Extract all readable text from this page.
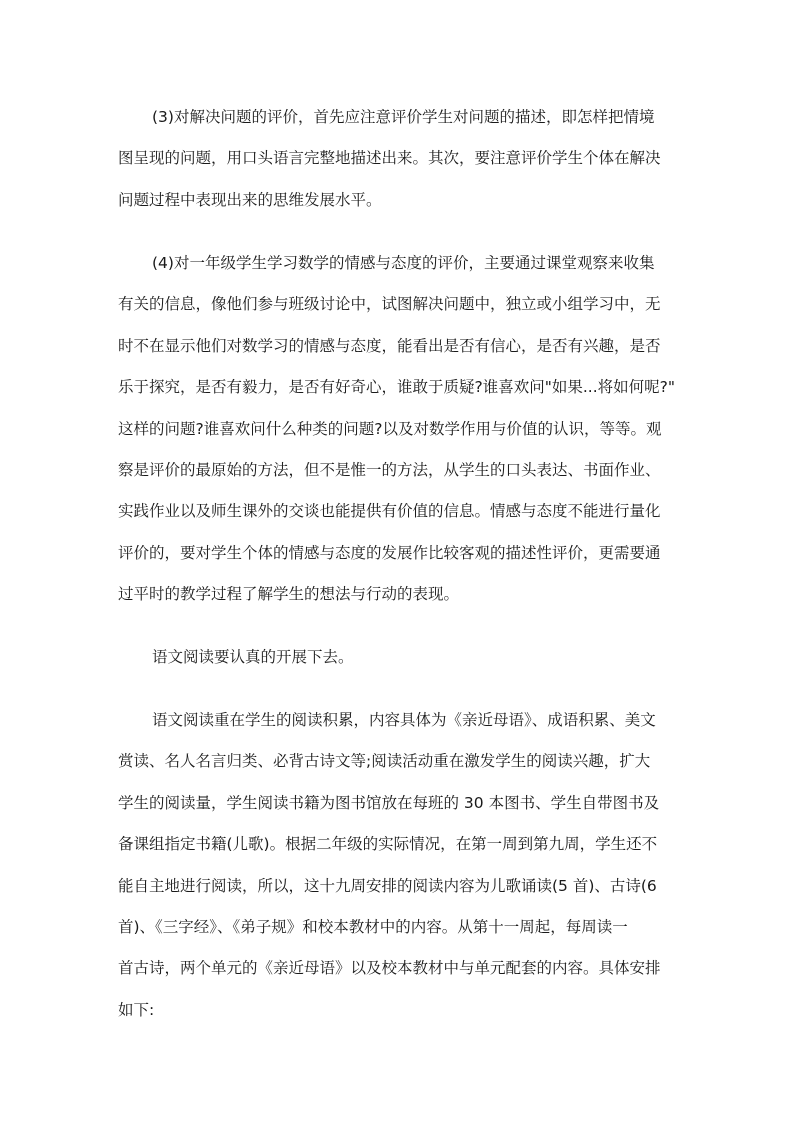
(3)对解决问题的评价，首先应注意评价学生对问题的描述，即怎样把情境
图呈现的问题，用口头语言完整地描述出来。其次，要注意评价学生个体在解决
问题过程中表现出来的思维发展水平。
(4)对一年级学生学习数学的情感与态度的评价，主要通过课堂观察来收集
有关的信息，像他们参与班级讨论中，试图解决问题中，独立或小组学习中，无
时不在显示他们对数学习的情感与态度，能看出是否有信心，是否有兴趣，是否
乐于探究，是否有毅力，是否有好奇心，谁敢于质疑?谁喜欢问"如果...将如何呢?"
这样的问题?谁喜欢问什么种类的问题?以及对数学作用与价值的认识，等等。观
察是评价的最原始的方法，但不是惟一的方法，从学生的口头表达、书面作业、
实践作业以及师生课外的交谈也能提供有价值的信息。情感与态度不能进行量化
评价的，要对学生个体的情感与态度的发展作比较客观的描述性评价，更需要通
过平时的教学过程了解学生的想法与行动的表现。
语文阅读要认真的开展下去。
语文阅读重在学生的阅读积累，内容具体为《亲近母语》、成语积累、美文
赏读、名人名言归类、必背古诗文等;阅读活动重在激发学生的阅读兴趣，扩大
学生的阅读量，学生阅读书籍为图书馆放在每班的 30 本图书、学生自带图书及
备课组指定书籍(儿歌)。根据二年级的实际情况，在第一周到第九周，学生还不
能自主地进行阅读，所以，这十九周安排的阅读内容为儿歌诵读(5 首)、古诗(6
首)、《三字经》、《弟子规》和校本教材中的内容。从第十一周起，每周读一
首古诗，两个单元的《亲近母语》以及校本教材中与单元配套的内容。具体安排
如下:
